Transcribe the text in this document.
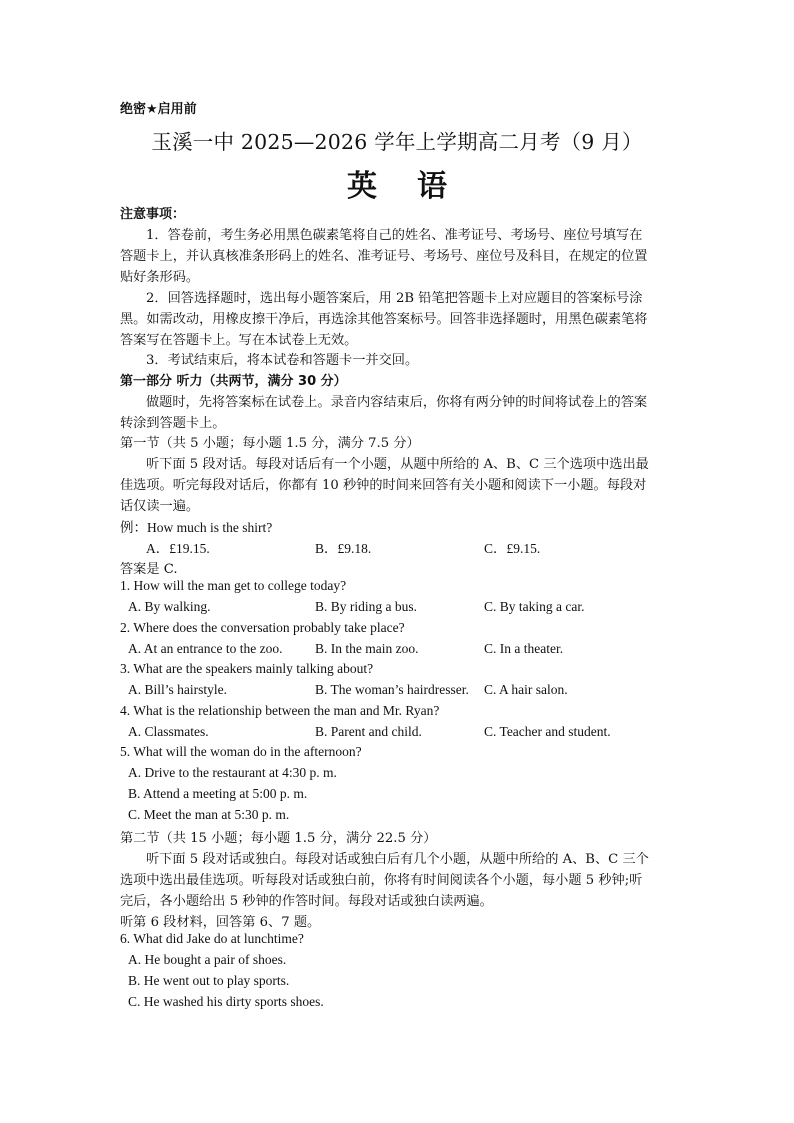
绝密★启用前
玉溪一中 2025—2026 学年上学期高二月考（9 月）
英语
注意事项：
1．答卷前，考生务必用黑色碳素笔将自己的姓名、准考证号、考场号、座位号填写在
答题卡上，并认真核准条形码上的姓名、准考证号、考场号、座位号及科目，在规定的位置
贴好条形码。
2．回答选择题时，选出每小题答案后，用 2B 铅笔把答题卡上对应题目的答案标号涂
黑。如需改动，用橡皮擦干净后，再选涂其他答案标号。回答非选择题时，用黑色碳素笔将
答案写在答题卡上。写在本试卷上无效。
3．考试结束后，将本试卷和答题卡一并交回。
第一部分 听力（共两节，满分 30 分）
做题时，先将答案标在试卷上。录音内容结束后，你将有两分钟的时间将试卷上的答案
转涂到答题卡上。
第一节（共 5 小题；每小题 1.5 分，满分 7.5 分）
听下面 5 段对话。每段对话后有一个小题，从题中所给的 A、B、C 三个选项中选出最
佳选项。听完每段对话后，你都有 10 秒钟的时间来回答有关小题和阅读下一小题。每段对
话仅读一遍。
例：How much is the shirt?
A．£19.15.	B．£9.18.	C．£9.15.
答案是 C.
1. How will the man get to college today?
A. By walking.	B. By riding a bus.	C. By taking a car.
2. Where does the conversation probably take place?
A. At an entrance to the zoo. B. In the main zoo.	C. In a theater.
3. What are the speakers mainly talking about?
A. Bill’s hairstyle.	B. The woman’s hairdresser. C. A hair salon.
4. What is the relationship between the man and Mr. Ryan?
A. Classmates.	B. Parent and child.	C. Teacher and student.
5. What will the woman do in the afternoon?
A. Drive to the restaurant at 4:30 p. m.
B. Attend a meeting at 5:00 p. m.
C. Meet the man at 5:30 p. m.
第二节（共 15 小题；每小题 1.5 分，满分 22.5 分）
听下面 5 段对话或独白。每段对话或独白后有几个小题，从题中所给的 A、B、C 三个
选项中选出最佳选项。听每段对话或独白前，你将有时间阅读各个小题，每小题 5 秒钟;听
完后，各小题给出 5 秒钟的作答时间。每段对话或独白读两遍。
听第 6 段材料，回答第 6、7 题。
6. What did Jake do at lunchtime?
A. He bought a pair of shoes.
B. He went out to play sports.
C. He washed his dirty sports shoes.
